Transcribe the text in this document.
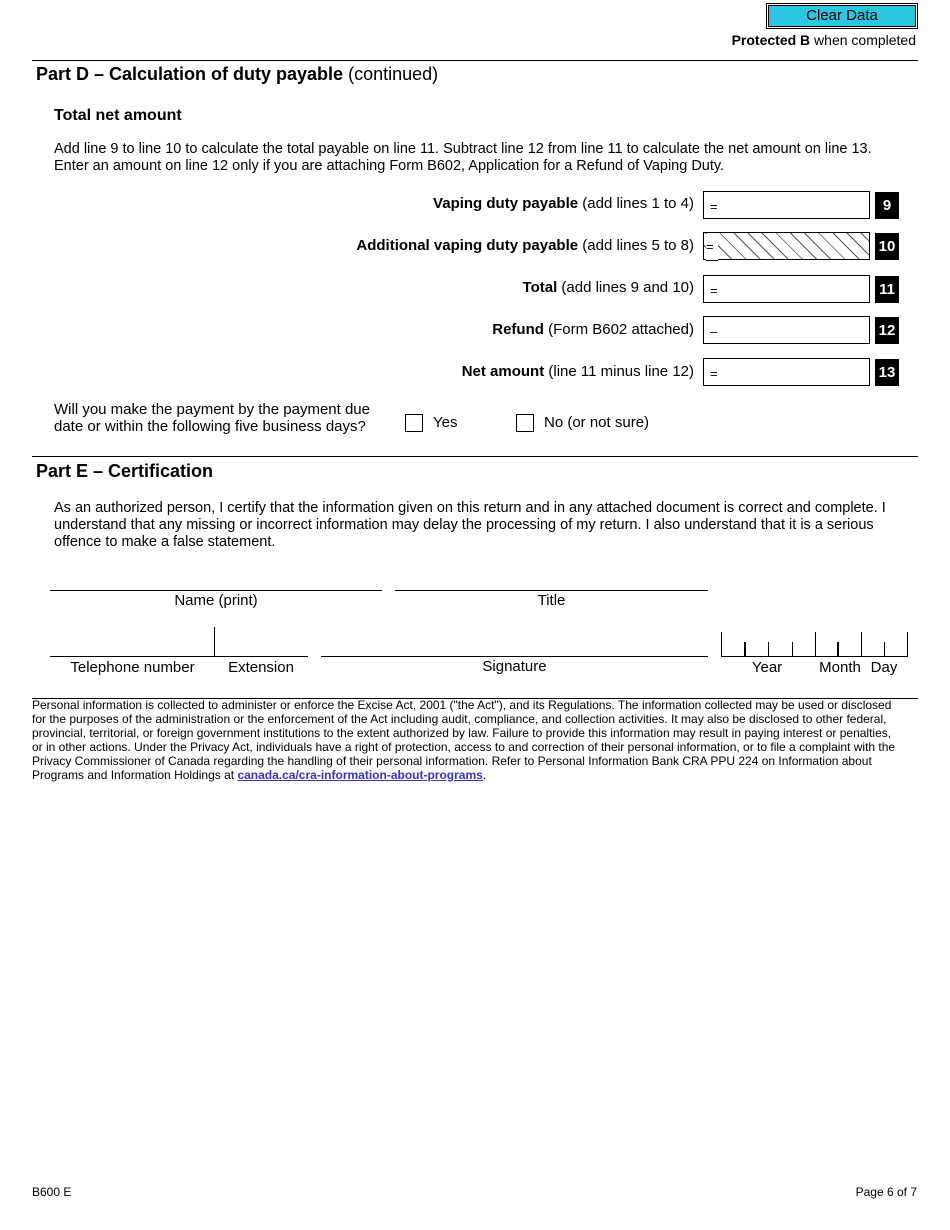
Clear Data
Protected B when completed
Part D – Calculation of duty payable (continued)
Total net amount
Add line 9 to line 10 to calculate the total payable on line 11. Subtract line 12 from line 11 to calculate the net amount on line 13. Enter an amount on line 12 only if you are attaching Form B602, Application for a Refund of Vaping Duty.
Vaping duty payable (add lines 1 to 4) =	9
Additional vaping duty payable (add lines 5 to 8) =	10
Total (add lines 9 and 10) =	11
Refund (Form B602 attached) –	12
Net amount (line 11 minus line 12) =	13
Will you make the payment by the payment due
date or within the following five business days?	Yes	No (or not sure)
Part E – Certification
As an authorized person, I certify that the information given on this return and in any attached document is correct and complete. I understand that any missing or incorrect information may delay the processing of my return. I also understand that it is a serious offence to make a false statement.
Name (print)	Title
Telephone number	Extension	Signature	Year	Month Day
Personal information is collected to administer or enforce the Excise Act, 2001 ("the Act"), and its Regulations. The information collected may be used or disclosed for the purposes of the administration or the enforcement of the Act including audit, compliance, and collection activities. It may also be disclosed to other federal, provincial, territorial, or foreign government institutions to the extent authorized by law. Failure to provide this information may result in paying interest or penalties, or in other actions. Under the Privacy Act, individuals have a right of protection, access to and correction of their personal information, or to file a complaint with the Privacy Commissioner of Canada regarding the handling of their personal information. Refer to Personal Information Bank CRA PPU 224 on Information about Programs and Information Holdings at canada.ca/cra-information-about-programs.
B600 E	Page 6 of 7
